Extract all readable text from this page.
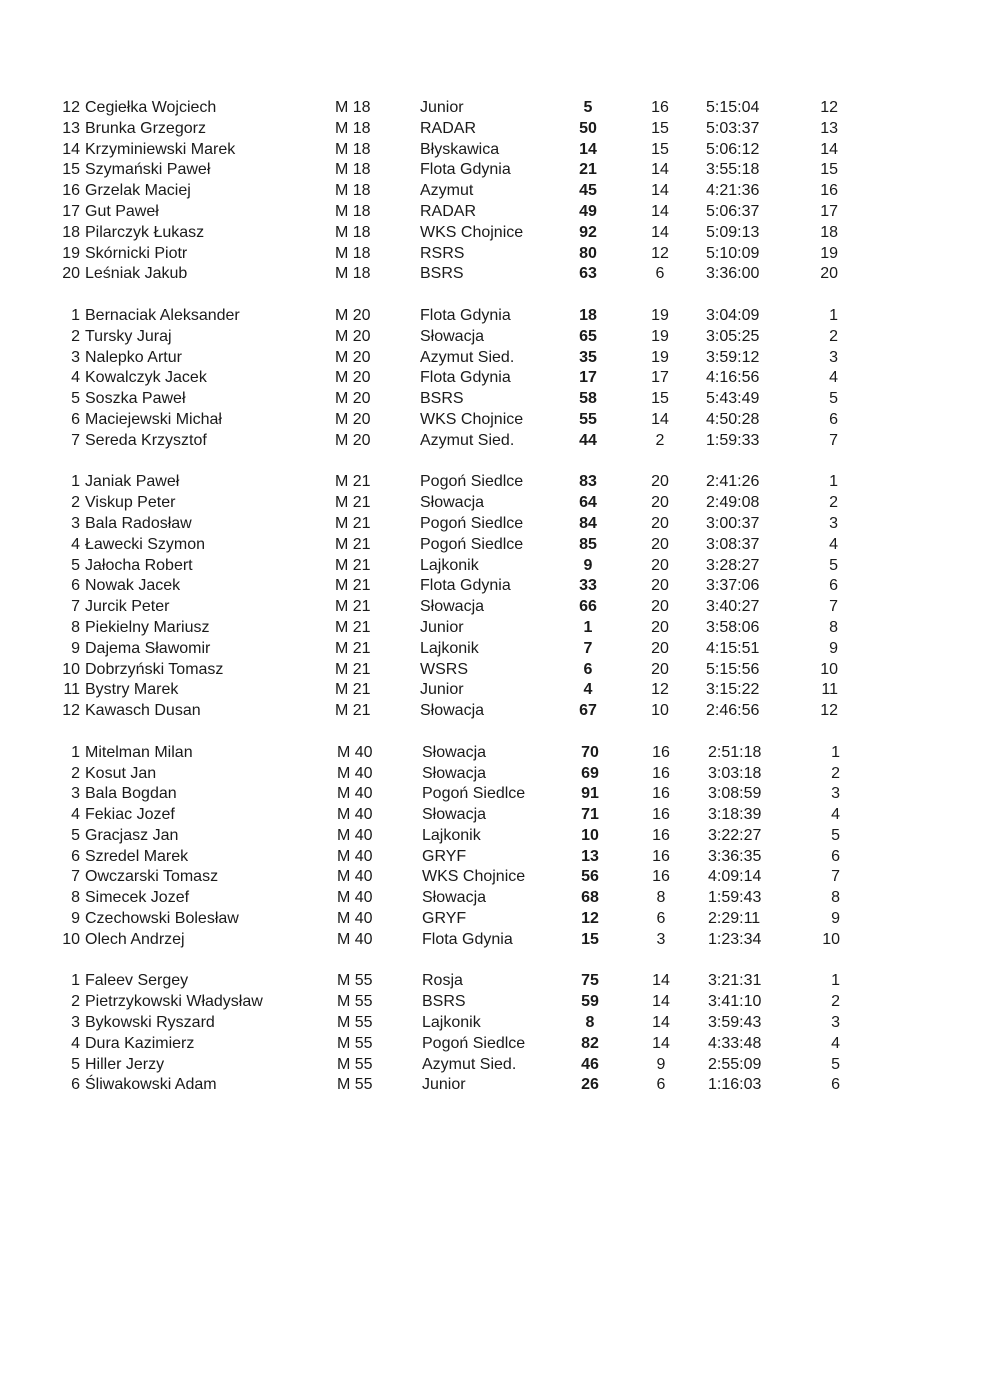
12 Cegiełka Wojciech	M 18	Junior	5	16	5:15:04	12
13 Brunka Grzegorz	M 18	RADAR	50	15	5:03:37	13
14 Krzyminiewski Marek	M 18	Błyskawica	14	15	5:06:12	14
15 Szymański Paweł	M 18	Flota Gdynia	21	14	3:55:18	15
16 Grzelak Maciej	M 18	Azymut	45	14	4:21:36	16
17 Gut Paweł	M 18	RADAR	49	14	5:06:37	17
18 Pilarczyk Łukasz	M 18	WKS Chojnice	92	14	5:09:13	18
19 Skórnicki Piotr	M 18	RSRS	80	12	5:10:09	19
20 Leśniak Jakub	M 18	BSRS	63	6	3:36:00	20
1 Bernaciak Aleksander	M 20	Flota Gdynia	18	19	3:04:09	1
2 Tursky Juraj	M 20	Słowacja	65	19	3:05:25	2
3 Nalepko Artur	M 20	Azymut Sied.	35	19	3:59:12	3
4 Kowalczyk Jacek	M 20	Flota Gdynia	17	17	4:16:56	4
5 Soszka Paweł	M 20	BSRS	58	15	5:43:49	5
6 Maciejewski Michał	M 20	WKS Chojnice	55	14	4:50:28	6
7 Sereda Krzysztof	M 20	Azymut Sied.	44	2	1:59:33	7
1 Janiak Paweł	M 21	Pogoń Siedlce	83	20	2:41:26	1
2 Viskup Peter	M 21	Słowacja	64	20	2:49:08	2
3 Bala Radosław	M 21	Pogoń Siedlce	84	20	3:00:37	3
4 Ławecki Szymon	M 21	Pogoń Siedlce	85	20	3:08:37	4
5 Jałocha Robert	M 21	Lajkonik	9	20	3:28:27	5
6 Nowak Jacek	M 21	Flota Gdynia	33	20	3:37:06	6
7 Jurcik Peter	M 21	Słowacja	66	20	3:40:27	7
8 Piekielny Mariusz	M 21	Junior	1	20	3:58:06	8
9 Dajema Sławomir	M 21	Lajkonik	7	20	4:15:51	9
10 Dobrzyński Tomasz	M 21	WSRS	6	20	5:15:56	10
11 Bystry Marek	M 21	Junior	4	12	3:15:22	11
12 Kawasch Dusan	M 21	Słowacja	67	10	2:46:56	12
1 Mitelman Milan	M 40	Słowacja	70	16	2:51:18	1
2 Kosut Jan	M 40	Słowacja	69	16	3:03:18	2
3 Bala Bogdan	M 40	Pogoń Siedlce	91	16	3:08:59	3
4 Fekiac Jozef	M 40	Słowacja	71	16	3:18:39	4
5 Gracjasz Jan	M 40	Lajkonik	10	16	3:22:27	5
6 Szredel Marek	M 40	GRYF	13	16	3:36:35	6
7 Owczarski Tomasz	M 40	WKS Chojnice	56	16	4:09:14	7
8 Simecek Jozef	M 40	Słowacja	68	8	1:59:43	8
9 Czechowski Bolesław	M 40	GRYF	12	6	2:29:11	9
10 Olech Andrzej	M 40	Flota Gdynia	15	3	1:23:34	10
1 Faleev Sergey	M 55	Rosja	75	14	3:21:31	1
2 Pietrzykowski Władysław	M 55	BSRS	59	14	3:41:10	2
3 Bykowski Ryszard	M 55	Lajkonik	8	14	3:59:43	3
4 Dura Kazimierz	M 55	Pogoń Siedlce	82	14	4:33:48	4
5 Hiller Jerzy	M 55	Azymut Sied.	46	9	2:55:09	5
6 Śliwakowski Adam	M 55	Junior	26	6	1:16:03	6
